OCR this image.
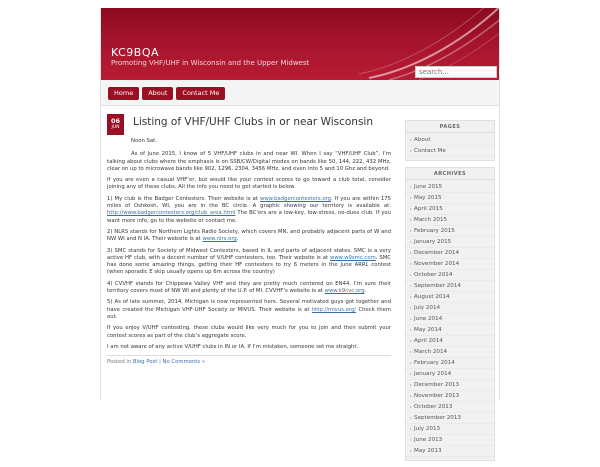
KC9BQA
Promoting VHF/UHF in Wisconsin and the Upper Midwest
search...
Home	About	Contact Me
06
JUN	Listing of VHF/UHF Clubs in or near Wisconsin

Noon Sat.

As of June 2015, I know of 5 VHF/UHF clubs in and near WI. When I say “VHF/UHF Club”, I’m talking about clubs where the emphasis is on SSB/CW/Digital modes on bands like 50, 144, 222, 432 MHz, clear on up to microwave bands like 902, 1296, 2304, 3456 MHz, and even into 5 and 10 Ghz and beyond.

If you are even a casual VHF’er, but would like your contest scores to go toward a club total, consider joining any of these clubs. All the info you need to get started is below.

1) My club is the Badger Contesters. Their website is at www.badgercontesters.org. If you are within 175 miles of Oshkosh, WI, you are in the BC circle. A graphic showing our territory is available at: http://www.badgercontesters.org/club_area.html The BC’ers are a low-key, low-stress, no-dues club. If you want more info, go to the website or contact me.

2) NLRS stands for Northern Lights Radio Society, which covers MN, and probably adjacent parts of W and NW WI and N IA. Their website is at www.nlrs.org.

3) SMC stands for Society of Midwest Contesters, based in IL and parts of adjacent states. SMC is a very active HF club, with a decent number of V/UHF contesters, too. Their website is at www.w9smc.com. SMC has done some amazing things, getting their HF contesters to try 6 meters in the June ARRL contest (when sporadic E skip usually opens up 6m across the country)

4) CVVHF stands for Chippewa Valley VHF and they are pretty much centered on EN44. I’m sure their territory covers most of NW WI and plenty of the U.P. of MI. CVVHF’s website is at www.k9cvc.org.

5) As of late summer, 2014, Michigan is now represented here. Several motivated guys got together and have created the Michigan VHF-UHF Society or MIVUS. Their website is at http://mivus.org/ Check them out.

If you enjoy V/UHF contesting, these clubs would like very much for you to join and then submit your contest scores as part of the club’s aggregate score.

I am not aware of any active V/UHF clubs in IN or IA. If I’m mistaken, someone set me straight.

Posted in Blog Post | No Comments »
PAGES
▸ About
▸ Contact Me
ARCHIVES
▸ June 2015
▸ May 2015
▸ April 2015
▸ March 2015
▸ February 2015
▸ January 2015
▸ December 2014
▸ November 2014
▸ October 2014
▸ September 2014
▸ August 2014
▸ July 2014
▸ June 2014
▸ May 2014
▸ April 2014
▸ March 2014
▸ February 2014
▸ January 2014
▸ December 2013
▸ November 2013
▸ October 2013
▸ September 2013
▸ July 2013
▸ June 2013
▸ May 2013
